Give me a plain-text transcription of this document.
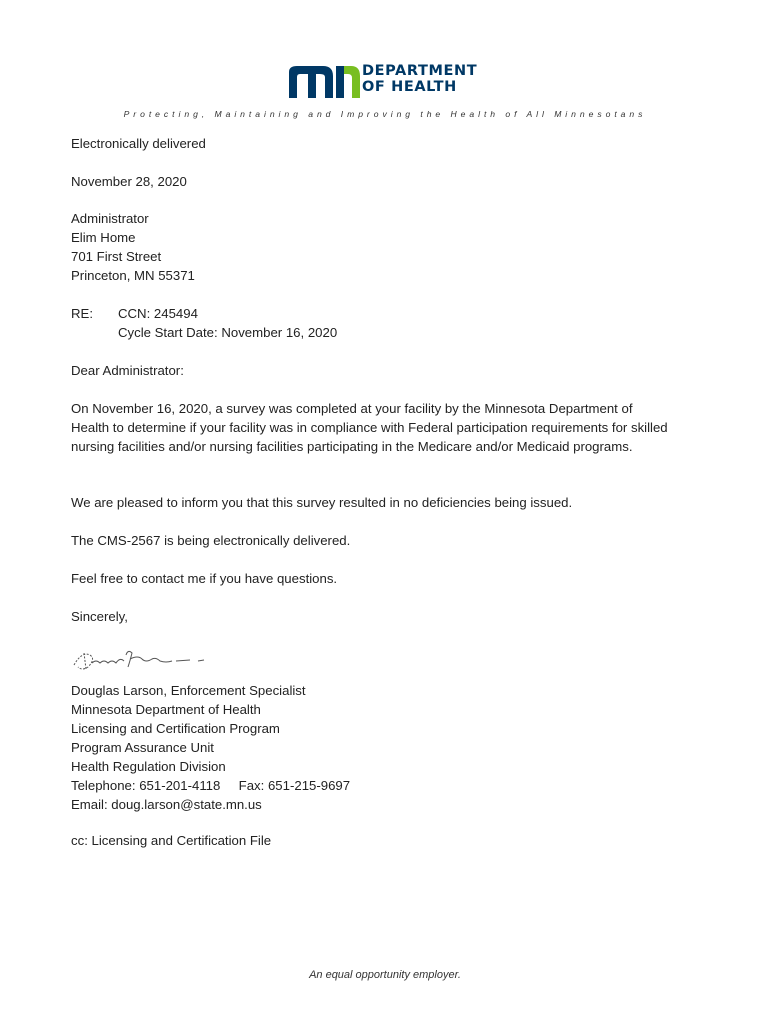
DEPARTMENT
OF HEALTH
Protecting, Maintaining and Improving the Health of All Minnesotans
Electronically delivered
November 28, 2020
Administrator
Elim Home
701 First Street
Princeton, MN 55371
RE: CCN: 245494
Cycle Start Date: November 16, 2020
Dear Administrator:
On November 16, 2020, a survey was completed at your facility by the Minnesota Department of Health to determine if your facility was in compliance with Federal participation requirements for skilled nursing facilities and/or nursing facilities participating in the Medicare and/or Medicaid programs.
We are pleased to inform you that this survey resulted in no deficiencies being issued.
The CMS-2567 is being electronically delivered.
Feel free to contact me if you have questions.
Sincerely,
Douglas Larson, Enforcement Specialist
Minnesota Department of Health
Licensing and Certification Program
Program Assurance Unit
Health Regulation Division
Telephone: 651-201-4118     Fax: 651-215-9697
Email: doug.larson@state.mn.us
cc: Licensing and Certification File
An equal opportunity employer.
